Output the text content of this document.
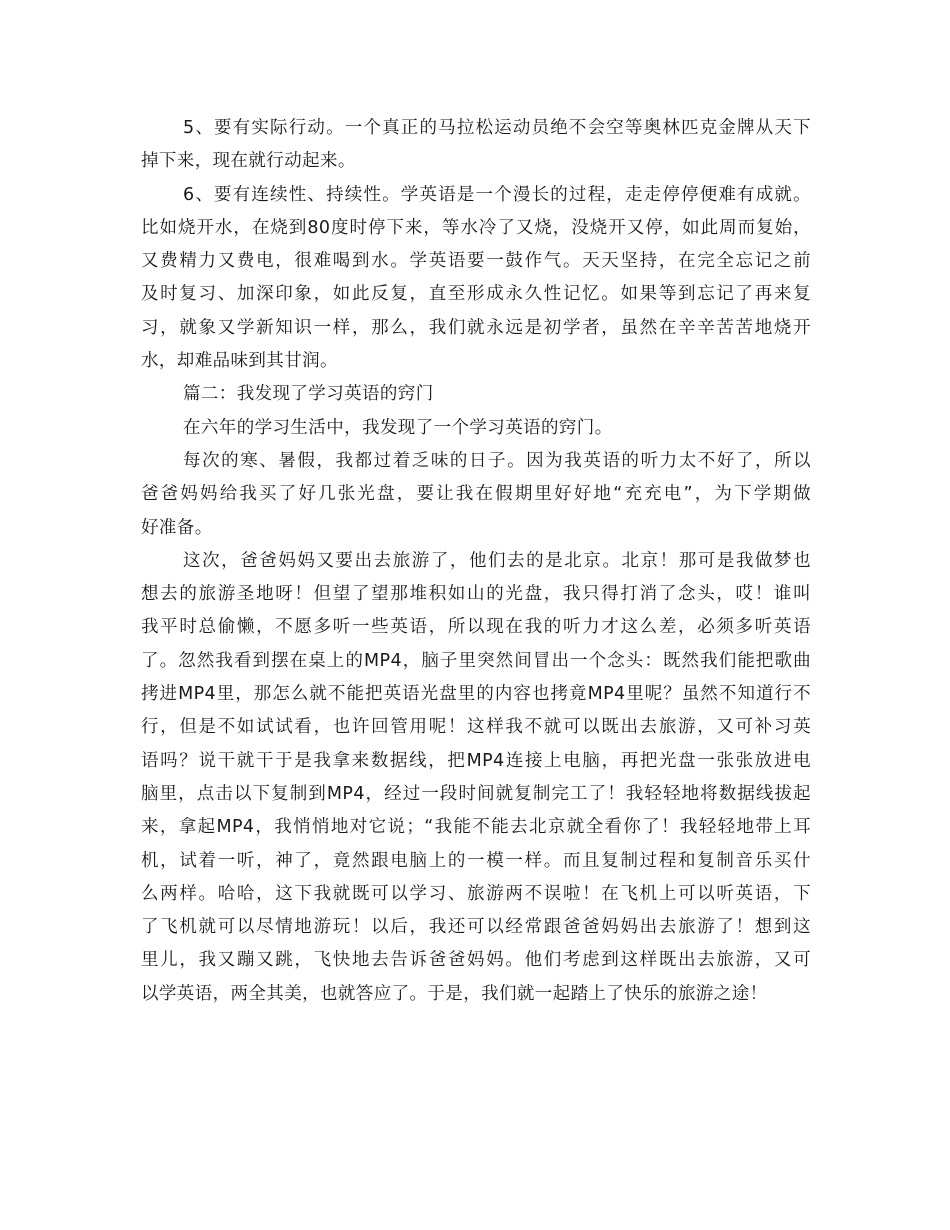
5、要有实际行动。一个真正的马拉松运动员绝不会空等奥林匹克金牌从天下
掉下来，现在就行动起来。
6、要有连续性、持续性。学英语是一个漫长的过程，走走停停便难有成就。
比如烧开水，在烧到80度时停下来，等水冷了又烧，没烧开又停，如此周而复始，
又费精力又费电，很难喝到水。学英语要一鼓作气。天天坚持，在完全忘记之前
及时复习、加深印象，如此反复，直至形成永久性记忆。如果等到忘记了再来复
习，就象又学新知识一样，那么，我们就永远是初学者，虽然在辛辛苦苦地烧开
水，却难品味到其甘润。
篇二：我发现了学习英语的窍门
在六年的学习生活中，我发现了一个学习英语的窍门。
每次的寒、暑假，我都过着乏味的日子。因为我英语的听力太不好了，所以
爸爸妈妈给我买了好几张光盘，要让我在假期里好好地“充充电”，为下学期做
好准备。
这次，爸爸妈妈又要出去旅游了，他们去的是北京。北京！那可是我做梦也
想去的旅游圣地呀！但望了望那堆积如山的光盘，我只得打消了念头，哎！谁叫
我平时总偷懒，不愿多听一些英语，所以现在我的听力才这么差，必须多听英语
了。忽然我看到摆在桌上的MP4，脑子里突然间冒出一个念头：既然我们能把歌曲
拷进MP4里，那怎么就不能把英语光盘里的内容也拷竟MP4里呢？虽然不知道行不
行，但是不如试试看，也许回管用呢！这样我不就可以既出去旅游，又可补习英
语吗？说干就干于是我拿来数据线，把MP4连接上电脑，再把光盘一张张放进电
脑里，点击以下复制到MP4，经过一段时间就复制完工了！我轻轻地将数据线拔起
来，拿起MP4，我悄悄地对它说；“我能不能去北京就全看你了！我轻轻地带上耳
机，试着一听，神了，竟然跟电脑上的一模一样。而且复制过程和复制音乐买什
么两样。哈哈，这下我就既可以学习、旅游两不误啦！在飞机上可以听英语，下
了飞机就可以尽情地游玩！以后，我还可以经常跟爸爸妈妈出去旅游了！想到这
里儿，我又蹦又跳，飞快地去告诉爸爸妈妈。他们考虑到这样既出去旅游，又可
以学英语，两全其美，也就答应了。于是，我们就一起踏上了快乐的旅游之途！
